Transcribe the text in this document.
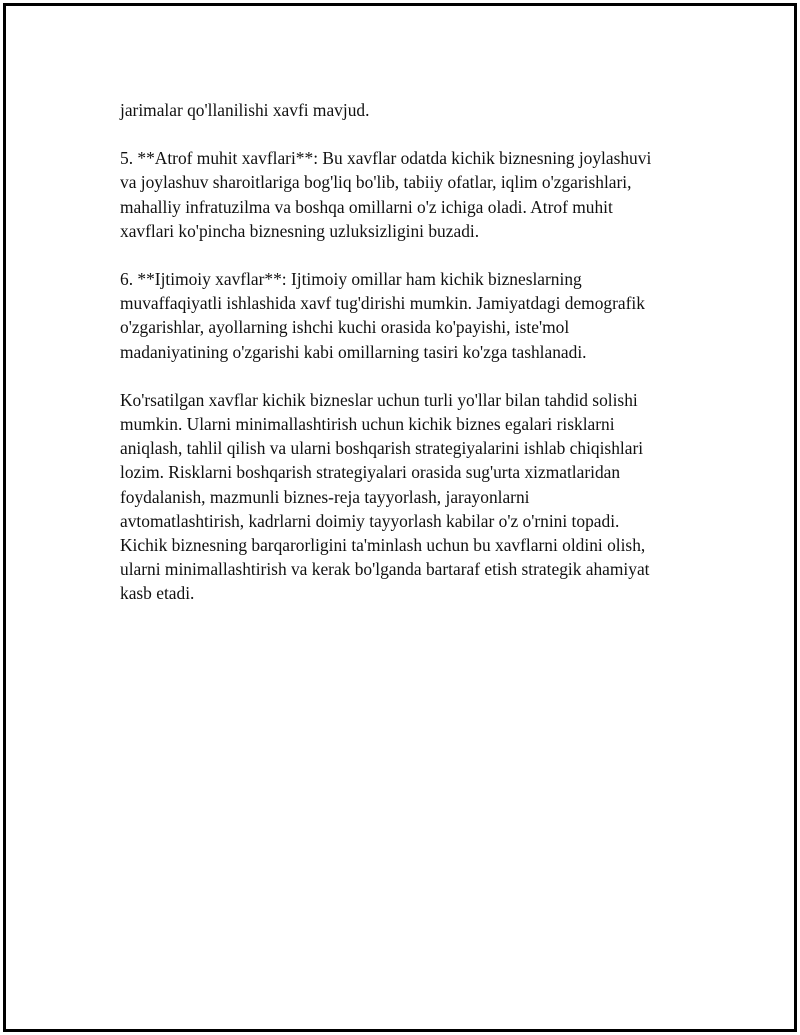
jarimalar qo'llanilishi xavfi mavjud.

5. **Atrof muhit xavflari**: Bu xavflar odatda kichik biznesning joylashuvi
va joylashuv sharoitlariga bog'liq bo'lib, tabiiy ofatlar, iqlim o'zgarishlari,
mahalliy infratuzilma va boshqa omillarni o'z ichiga oladi. Atrof muhit
xavflari ko'pincha biznesning uzluksizligini buzadi.

6. **Ijtimoiy xavflar**: Ijtimoiy omillar ham kichik bizneslarning
muvaffaqiyatli ishlashida xavf tug'dirishi mumkin. Jamiyatdagi demografik
o'zgarishlar, ayollarning ishchi kuchi orasida ko'payishi, iste'mol
madaniyatining o'zgarishi kabi omillarning tasiri ko'zga tashlanadi.

Ko'rsatilgan xavflar kichik bizneslar uchun turli yo'llar bilan tahdid solishi
mumkin. Ularni minimallashtirish uchun kichik biznes egalari risklarni
aniqlash, tahlil qilish va ularni boshqarish strategiyalarini ishlab chiqishlari
lozim. Risklarni boshqarish strategiyalari orasida sug'urta xizmatlaridan
foydalanish, mazmunli biznes-reja tayyorlash, jarayonlarni
avtomatlashtirish, kadrlarni doimiy tayyorlash kabilar o'z o'rnini topadi.
Kichik biznesning barqarorligini ta'minlash uchun bu xavflarni oldini olish,
ularni minimallashtirish va kerak bo'lganda bartaraf etish strategik ahamiyat
kasb etadi.
